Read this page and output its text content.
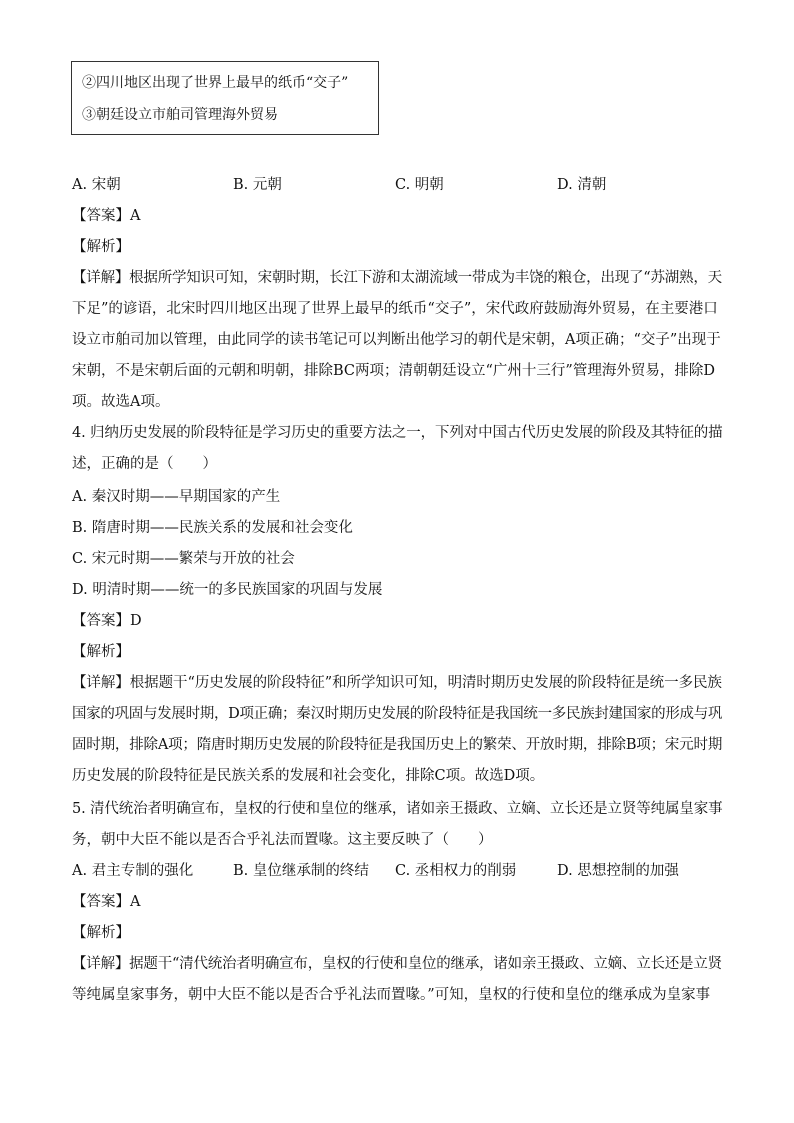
②四川地区出现了世界上最早的纸币“交子”
③朝廷设立市舶司管理海外贸易
A. 宋朝	B. 元朝	C. 明朝	D. 清朝
【答案】A
【解析】
【详解】根据所学知识可知，宋朝时期，长江下游和太湖流域一带成为丰饶的粮仓，出现了“苏湖熟，天
下足”的谚语，北宋时四川地区出现了世界上最早的纸币“交子”，宋代政府鼓励海外贸易，在主要港口
设立市舶司加以管理，由此同学的读书笔记可以判断出他学习的朝代是宋朝，A项正确；“交子”出现于
宋朝，不是宋朝后面的元朝和明朝，排除BC两项；清朝朝廷设立“广州十三行”管理海外贸易，排除D
项。故选A项。
4. 归纳历史发展的阶段特征是学习历史的重要方法之一，下列对中国古代历史发展的阶段及其特征的描
述，正确的是（　　）
A. 秦汉时期——早期国家的产生
B. 隋唐时期——民族关系的发展和社会变化
C. 宋元时期——繁荣与开放的社会
D. 明清时期——统一的多民族国家的巩固与发展
【答案】D
【解析】
【详解】根据题干“历史发展的阶段特征”和所学知识可知，明清时期历史发展的阶段特征是统一多民族
国家的巩固与发展时期，D项正确；秦汉时期历史发展的阶段特征是我国统一多民族封建国家的形成与巩
固时期，排除A项；隋唐时期历史发展的阶段特征是我国历史上的繁荣、开放时期，排除B项；宋元时期
历史发展的阶段特征是民族关系的发展和社会变化，排除C项。故选D项。
5. 清代统治者明确宣布，皇权的行使和皇位的继承，诸如亲王摄政、立嫡、立长还是立贤等纯属皇家事
务，朝中大臣不能以是否合乎礼法而置喙。这主要反映了（　　）
A. 君主专制的强化	B. 皇位继承制的终结 C. 丞相权力的削弱	D. 思想控制的加强
【答案】A
【解析】
【详解】据题干“清代统治者明确宣布，皇权的行使和皇位的继承，诸如亲王摄政、立嫡、立长还是立贤
等纯属皇家事务，朝中大臣不能以是否合乎礼法而置喙。”可知，皇权的行使和皇位的继承成为皇家事
